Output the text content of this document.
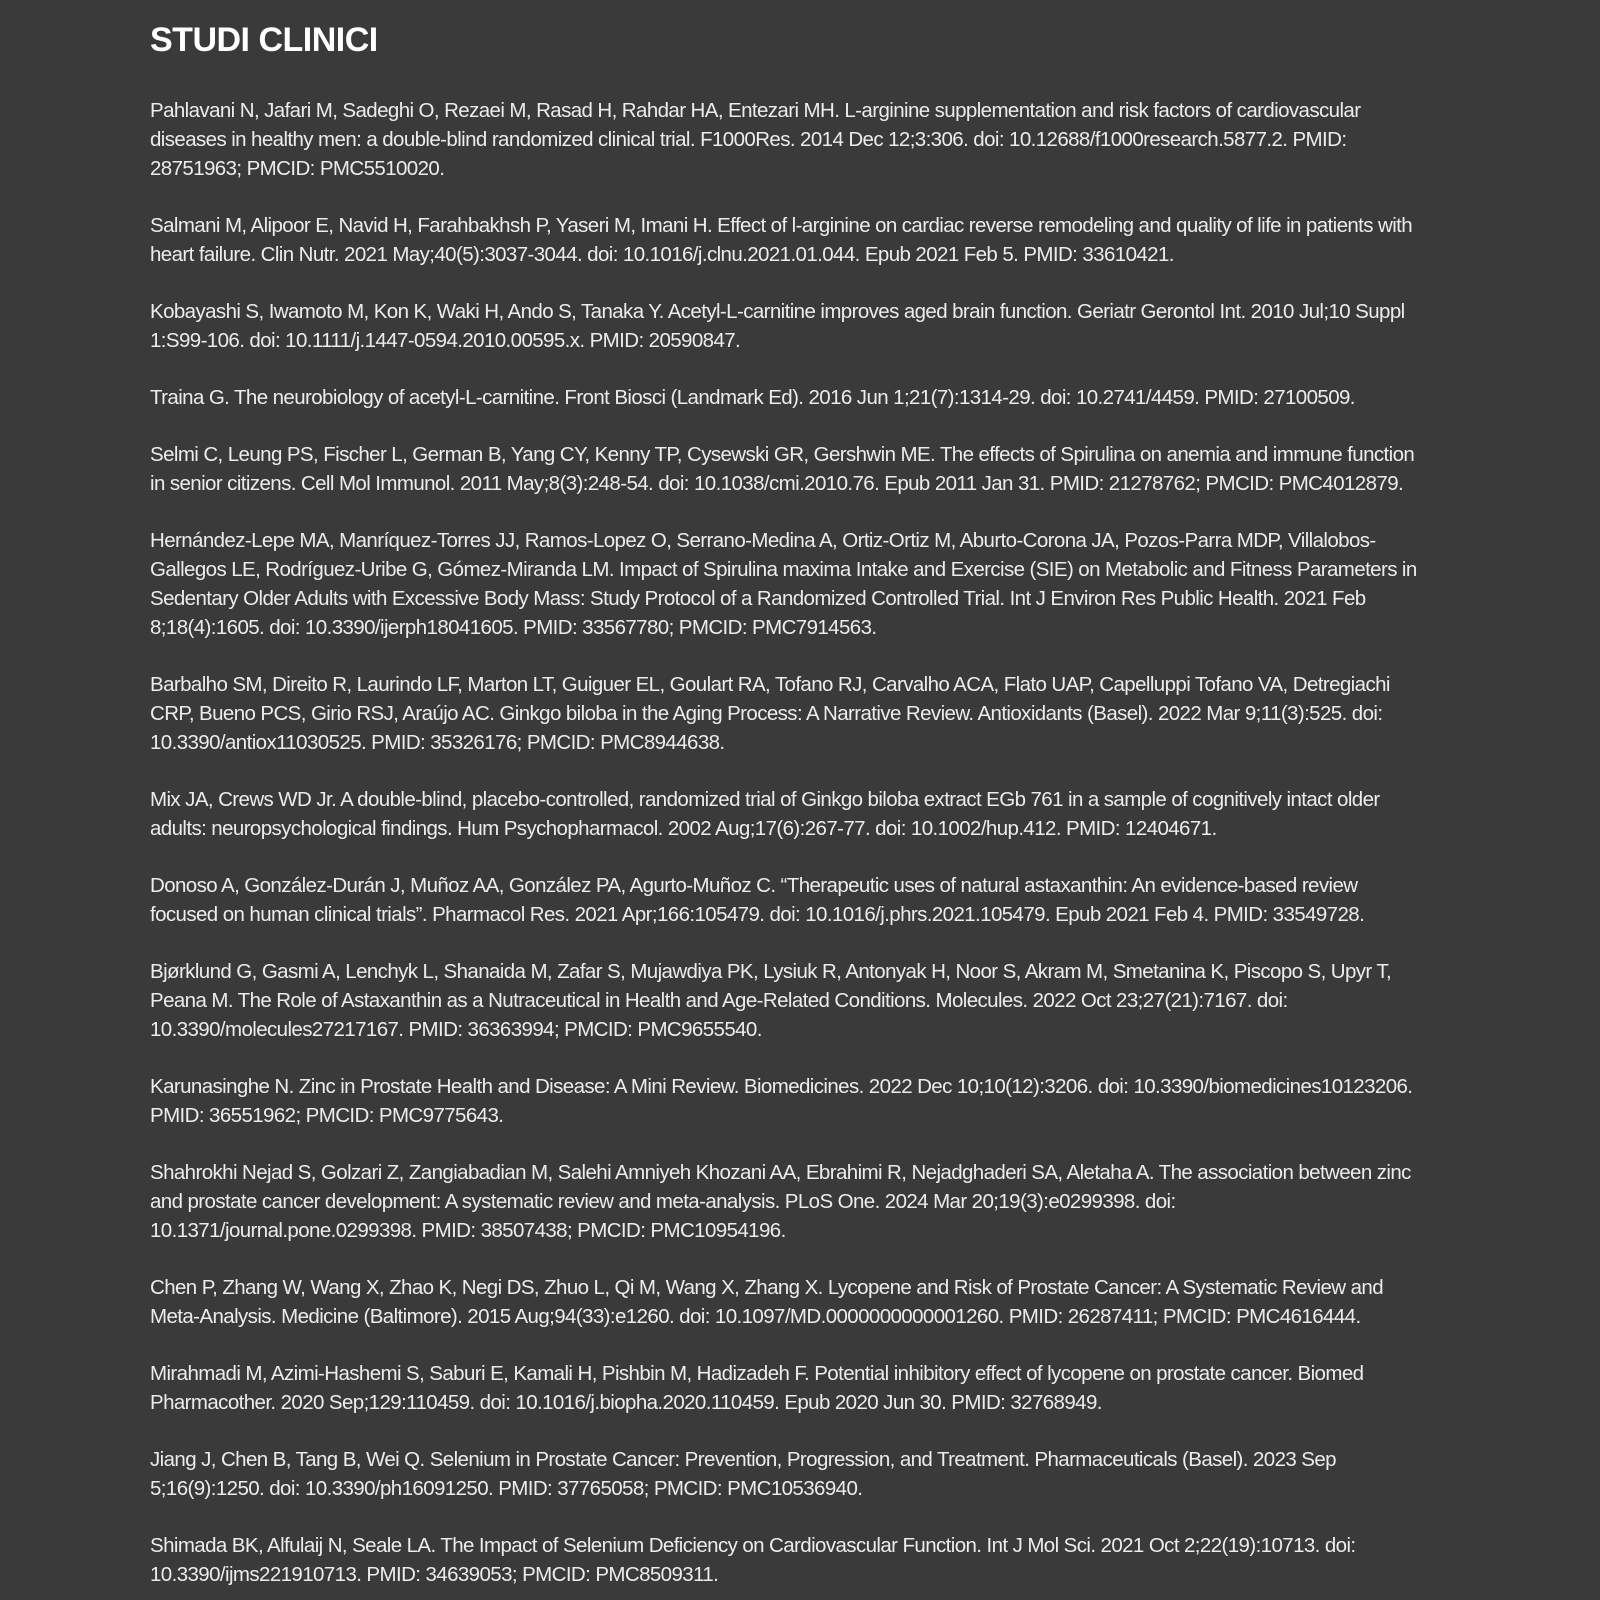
STUDI CLINICI
Pahlavani N, Jafari M, Sadeghi O, Rezaei M, Rasad H, Rahdar HA, Entezari MH. L-arginine supplementation and risk factors of cardiovascular diseases in healthy men: a double-blind randomized clinical trial. F1000Res. 2014 Dec 12;3:306. doi: 10.12688/f1000research.5877.2. PMID: 28751963; PMCID: PMC5510020.
Salmani M, Alipoor E, Navid H, Farahbakhsh P, Yaseri M, Imani H. Effect of l-arginine on cardiac reverse remodeling and quality of life in patients with heart failure. Clin Nutr. 2021 May;40(5):3037-3044. doi: 10.1016/j.clnu.2021.01.044. Epub 2021 Feb 5. PMID: 33610421.
Kobayashi S, Iwamoto M, Kon K, Waki H, Ando S, Tanaka Y. Acetyl-L-carnitine improves aged brain function. Geriatr Gerontol Int. 2010 Jul;10 Suppl 1:S99-106. doi: 10.1111/j.1447-0594.2010.00595.x. PMID: 20590847.
Traina G. The neurobiology of acetyl-L-carnitine. Front Biosci (Landmark Ed). 2016 Jun 1;21(7):1314-29. doi: 10.2741/4459. PMID: 27100509.
Selmi C, Leung PS, Fischer L, German B, Yang CY, Kenny TP, Cysewski GR, Gershwin ME. The effects of Spirulina on anemia and immune function in senior citizens. Cell Mol Immunol. 2011 May;8(3):248-54. doi: 10.1038/cmi.2010.76. Epub 2011 Jan 31. PMID: 21278762; PMCID: PMC4012879.
Hernández-Lepe MA, Manríquez-Torres JJ, Ramos-Lopez O, Serrano-Medina A, Ortiz-Ortiz M, Aburto-Corona JA, Pozos-Parra MDP, Villalobos-Gallegos LE, Rodríguez-Uribe G, Gómez-Miranda LM. Impact of Spirulina maxima Intake and Exercise (SIE) on Metabolic and Fitness Parameters in Sedentary Older Adults with Excessive Body Mass: Study Protocol of a Randomized Controlled Trial. Int J Environ Res Public Health. 2021 Feb 8;18(4):1605. doi: 10.3390/ijerph18041605. PMID: 33567780; PMCID: PMC7914563.
Barbalho SM, Direito R, Laurindo LF, Marton LT, Guiguer EL, Goulart RA, Tofano RJ, Carvalho ACA, Flato UAP, Capelluppi Tofano VA, Detregiachi CRP, Bueno PCS, Girio RSJ, Araújo AC. Ginkgo biloba in the Aging Process: A Narrative Review. Antioxidants (Basel). 2022 Mar 9;11(3):525. doi: 10.3390/antiox11030525. PMID: 35326176; PMCID: PMC8944638.
Mix JA, Crews WD Jr. A double-blind, placebo-controlled, randomized trial of Ginkgo biloba extract EGb 761 in a sample of cognitively intact older adults: neuropsychological findings. Hum Psychopharmacol. 2002 Aug;17(6):267-77. doi: 10.1002/hup.412. PMID: 12404671.
Donoso A, González-Durán J, Muñoz AA, González PA, Agurto-Muñoz C. “Therapeutic uses of natural astaxanthin: An evidence-based review focused on human clinical trials”. Pharmacol Res. 2021 Apr;166:105479. doi: 10.1016/j.phrs.2021.105479. Epub 2021 Feb 4. PMID: 33549728.
Bjørklund G, Gasmi A, Lenchyk L, Shanaida M, Zafar S, Mujawdiya PK, Lysiuk R, Antonyak H, Noor S, Akram M, Smetanina K, Piscopo S, Upyr T, Peana M. The Role of Astaxanthin as a Nutraceutical in Health and Age-Related Conditions. Molecules. 2022 Oct 23;27(21):7167. doi: 10.3390/molecules27217167. PMID: 36363994; PMCID: PMC9655540.
Karunasinghe N. Zinc in Prostate Health and Disease: A Mini Review. Biomedicines. 2022 Dec 10;10(12):3206. doi: 10.3390/biomedicines10123206. PMID: 36551962; PMCID: PMC9775643.
Shahrokhi Nejad S, Golzari Z, Zangiabadian M, Salehi Amniyeh Khozani AA, Ebrahimi R, Nejadghaderi SA, Aletaha A. The association between zinc and prostate cancer development: A systematic review and meta-analysis. PLoS One. 2024 Mar 20;19(3):e0299398. doi: 10.1371/journal.pone.0299398. PMID: 38507438; PMCID: PMC10954196.
Chen P, Zhang W, Wang X, Zhao K, Negi DS, Zhuo L, Qi M, Wang X, Zhang X. Lycopene and Risk of Prostate Cancer: A Systematic Review and Meta-Analysis. Medicine (Baltimore). 2015 Aug;94(33):e1260. doi: 10.1097/MD.0000000000001260. PMID: 26287411; PMCID: PMC4616444.
Mirahmadi M, Azimi-Hashemi S, Saburi E, Kamali H, Pishbin M, Hadizadeh F. Potential inhibitory effect of lycopene on prostate cancer. Biomed Pharmacother. 2020 Sep;129:110459. doi: 10.1016/j.biopha.2020.110459. Epub 2020 Jun 30. PMID: 32768949.
Jiang J, Chen B, Tang B, Wei Q. Selenium in Prostate Cancer: Prevention, Progression, and Treatment. Pharmaceuticals (Basel). 2023 Sep 5;16(9):1250. doi: 10.3390/ph16091250. PMID: 37765058; PMCID: PMC10536940.
Shimada BK, Alfulaij N, Seale LA. The Impact of Selenium Deficiency on Cardiovascular Function. Int J Mol Sci. 2021 Oct 2;22(19):10713. doi: 10.3390/ijms221910713. PMID: 34639053; PMCID: PMC8509311.
